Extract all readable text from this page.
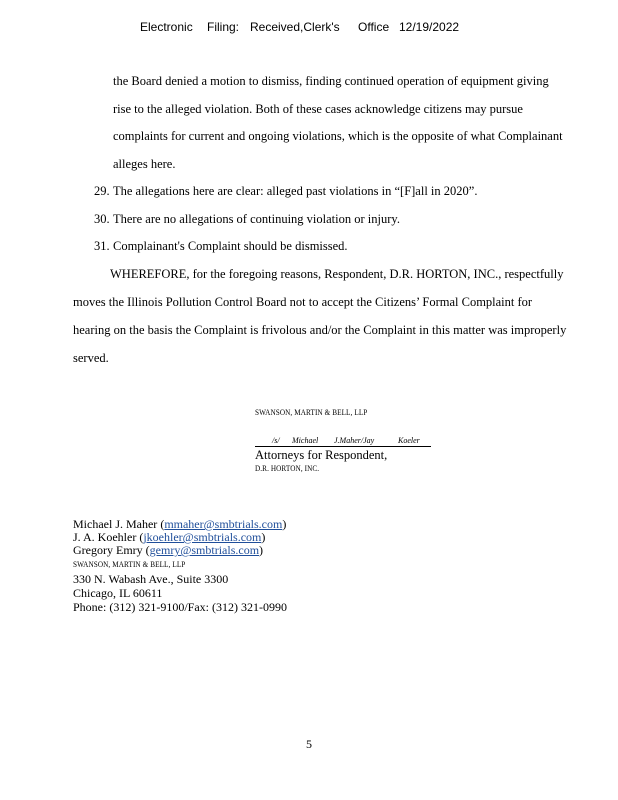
Electronic Filing: Received,Clerk's Office 12/19/2022
the Board denied a motion to dismiss, finding continued operation of equipment giving
rise to the alleged violation. Both of these cases acknowledge citizens may pursue
complaints for current and ongoing violations, which is the opposite of what Complainant
alleges here.
29. The allegations here are clear: alleged past violations in “[F]all in 2020”.
30. There are no allegations of continuing violation or injury.
31. Complainant's Complaint should be dismissed.
WHEREFORE, for the foregoing reasons, Respondent, D.R. HORTON, INC., respectfully
moves the Illinois Pollution Control Board not to accept the Citizens’ Formal Complaint for
hearing on the basis the Complaint is frivolous and/or the Complaint in this matter was improperly
served.
SWANSON, MARTIN & BELL, LLP
/s/ Michael J.Maher/Jay	Koeler
Attorneys for Respondent,
D.R. HORTON, INC.
Michael J. Maher (mmaher@smbtrials.com)
J. A. Koehler (jkoehler@smbtrials.com)
Gregory Emry (gemry@smbtrials.com)
SWANSON, MARTIN & BELL, LLP
330 N. Wabash Ave., Suite 3300
Chicago, IL 60611
Phone: (312) 321-9100/Fax: (312) 321-0990
5
